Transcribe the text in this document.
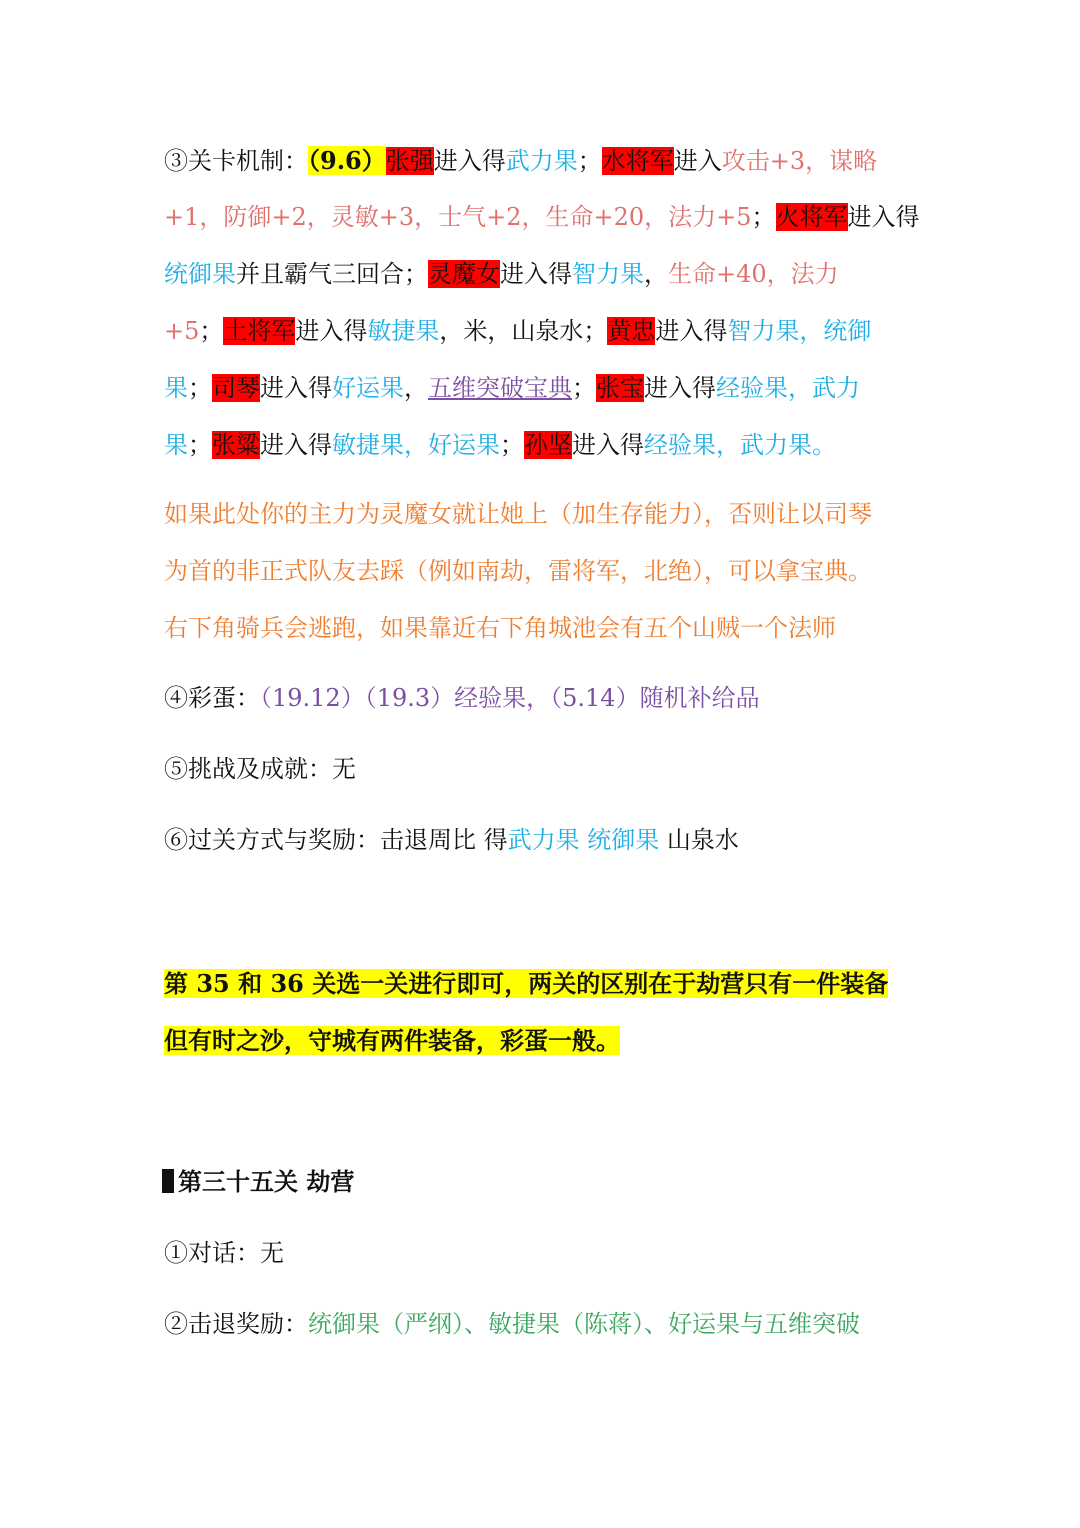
③关卡机制：（9.6）张强进入得武力果；水将军进入攻击+3，谋略
+1，防御+2，灵敏+3，士气+2，生命+20，法力+5；火将军进入得
统御果并且霸气三回合；灵魔女进入得智力果，生命+40，法力
+5；土将军进入得敏捷果，米，山泉水；黄忠进入得智力果，统御
果；司琴进入得好运果，五维突破宝典；张宝进入得经验果，武力
果；张粱进入得敏捷果，好运果；孙坚进入得经验果，武力果。
如果此处你的主力为灵魔女就让她上（加生存能力），否则让以司琴
为首的非正式队友去踩（例如南劫，雷将军，北绝），可以拿宝典。
右下角骑兵会逃跑，如果靠近右下角城池会有五个山贼一个法师
④彩蛋：（19.12）（19.3）经验果，（5.14）随机补给品
⑤挑战及成就：无
⑥过关方式与奖励：击退周比 得武力果 统御果 山泉水
第 35 和 36 关选一关进行即可，两关的区别在于劫营只有一件装备
但有时之沙，守城有两件装备，彩蛋一般。
第三十五关 劫营
①对话：无
②击退奖励：统御果（严纲）、敏捷果（陈蒋）、好运果与五维突破
